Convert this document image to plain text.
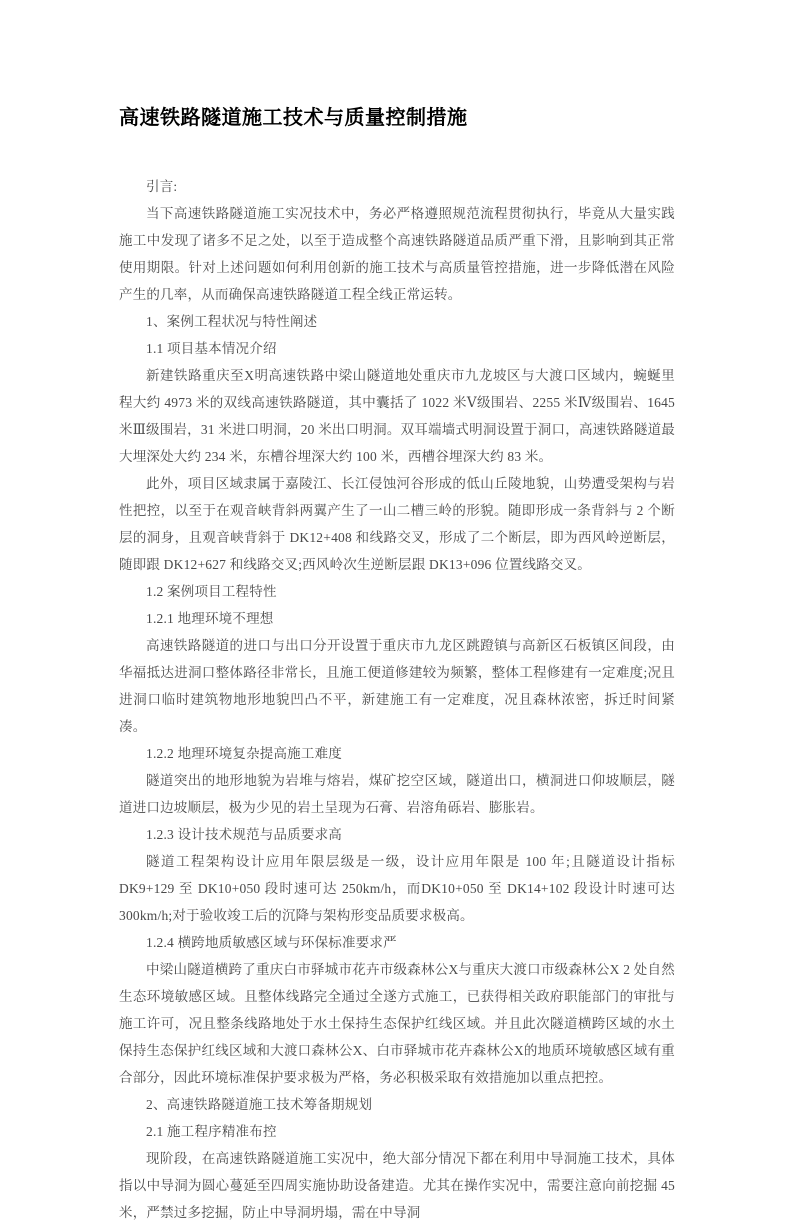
高速铁路隧道施工技术与质量控制措施

引言:

当下高速铁路隧道施工实况技术中，务必严格遵照规范流程贯彻执行，毕竟从大量实践施工中发现了诸多不足之处，以至于造成整个高速铁路隧道品质严重下滑，且影响到其正常使用期限。针对上述问题如何利用创新的施工技术与高质量管控措施，进一步降低潜在风险产生的几率，从而确保高速铁路隧道工程全线正常运转。

1、案例工程状况与特性阐述

1.1 项目基本情况介绍

新建铁路重庆至X明高速铁路中梁山隧道地处重庆市九龙坡区与大渡口区域内，蜿蜒里程大约 4973 米的双线高速铁路隧道，其中囊括了 1022 米Ⅴ级围岩、2255 米Ⅳ级围岩、1645 米Ⅲ级围岩，31 米进口明洞，20 米出口明洞。双耳端墙式明洞设置于洞口，高速铁路隧道最大埋深处大约 234 米，东槽谷埋深大约 100 米，西槽谷埋深大约 83 米。

此外，项目区域隶属于嘉陵江、长江侵蚀河谷形成的低山丘陵地貌，山势遭受架构与岩性把控，以至于在观音峡背斜两翼产生了一山二槽三岭的形貌。随即形成一条背斜与 2 个断层的洞身，且观音峡背斜于 DK12+408 和线路交叉，形成了二个断层，即为西风岭逆断层，随即跟 DK12+627 和线路交叉;西风岭次生逆断层跟 DK13+096 位置线路交叉。

1.2 案例项目工程特性

1.2.1 地理环境不理想

高速铁路隧道的进口与出口分开设置于重庆市九龙区跳蹬镇与高新区石板镇区间段，由华福抵达进洞口整体路径非常长，且施工便道修建较为频繁，整体工程修建有一定难度;况且进洞口临时建筑物地形地貌凹凸不平，新建施工有一定难度，况且森林浓密，拆迁时间紧凑。

1.2.2 地理环境复杂提高施工难度

隧道突出的地形地貌为岩堆与熔岩，煤矿挖空区域，隧道出口，横洞进口仰坡顺层，隧道进口边坡顺层，极为少见的岩土呈现为石膏、岩溶角砾岩、膨胀岩。

1.2.3 设计技术规范与品质要求高

隧道工程架构设计应用年限层级是一级，设计应用年限是 100 年;且隧道设计指标 DK9+129 至 DK10+050 段时速可达 250km/h，而DK10+050 至 DK14+102 段设计时速可达 300km/h;对于验收竣工后的沉降与架构形变品质要求极高。

1.2.4 横跨地质敏感区域与环保标准要求严

中梁山隧道横跨了重庆白市驿城市花卉市级森林公X与重庆大渡口市级森林公X 2 处自然生态环境敏感区域。且整体线路完全通过全遂方式施工，已获得相关政府职能部门的审批与施工许可，况且整条线路地处于水土保持生态保护红线区域。并且此次隧道横跨区域的水土保持生态保护红线区域和大渡口森林公X、白市驿城市花卉森林公X的地质环境敏感区域有重合部分，因此环境标准保护要求极为严格，务必积极采取有效措施加以重点把控。

2、高速铁路隧道施工技术筹备期规划

2.1 施工程序精准布控

现阶段，在高速铁路隧道施工实况中，绝大部分情况下都在利用中导洞施工技术，具体指以中导洞为圆心蔓延至四周实施协助设备建造。尤其在操作实况中，需要注意向前挖掘 45 米，严禁过多挖掘，防止中导洞坍塌，需在中导洞
